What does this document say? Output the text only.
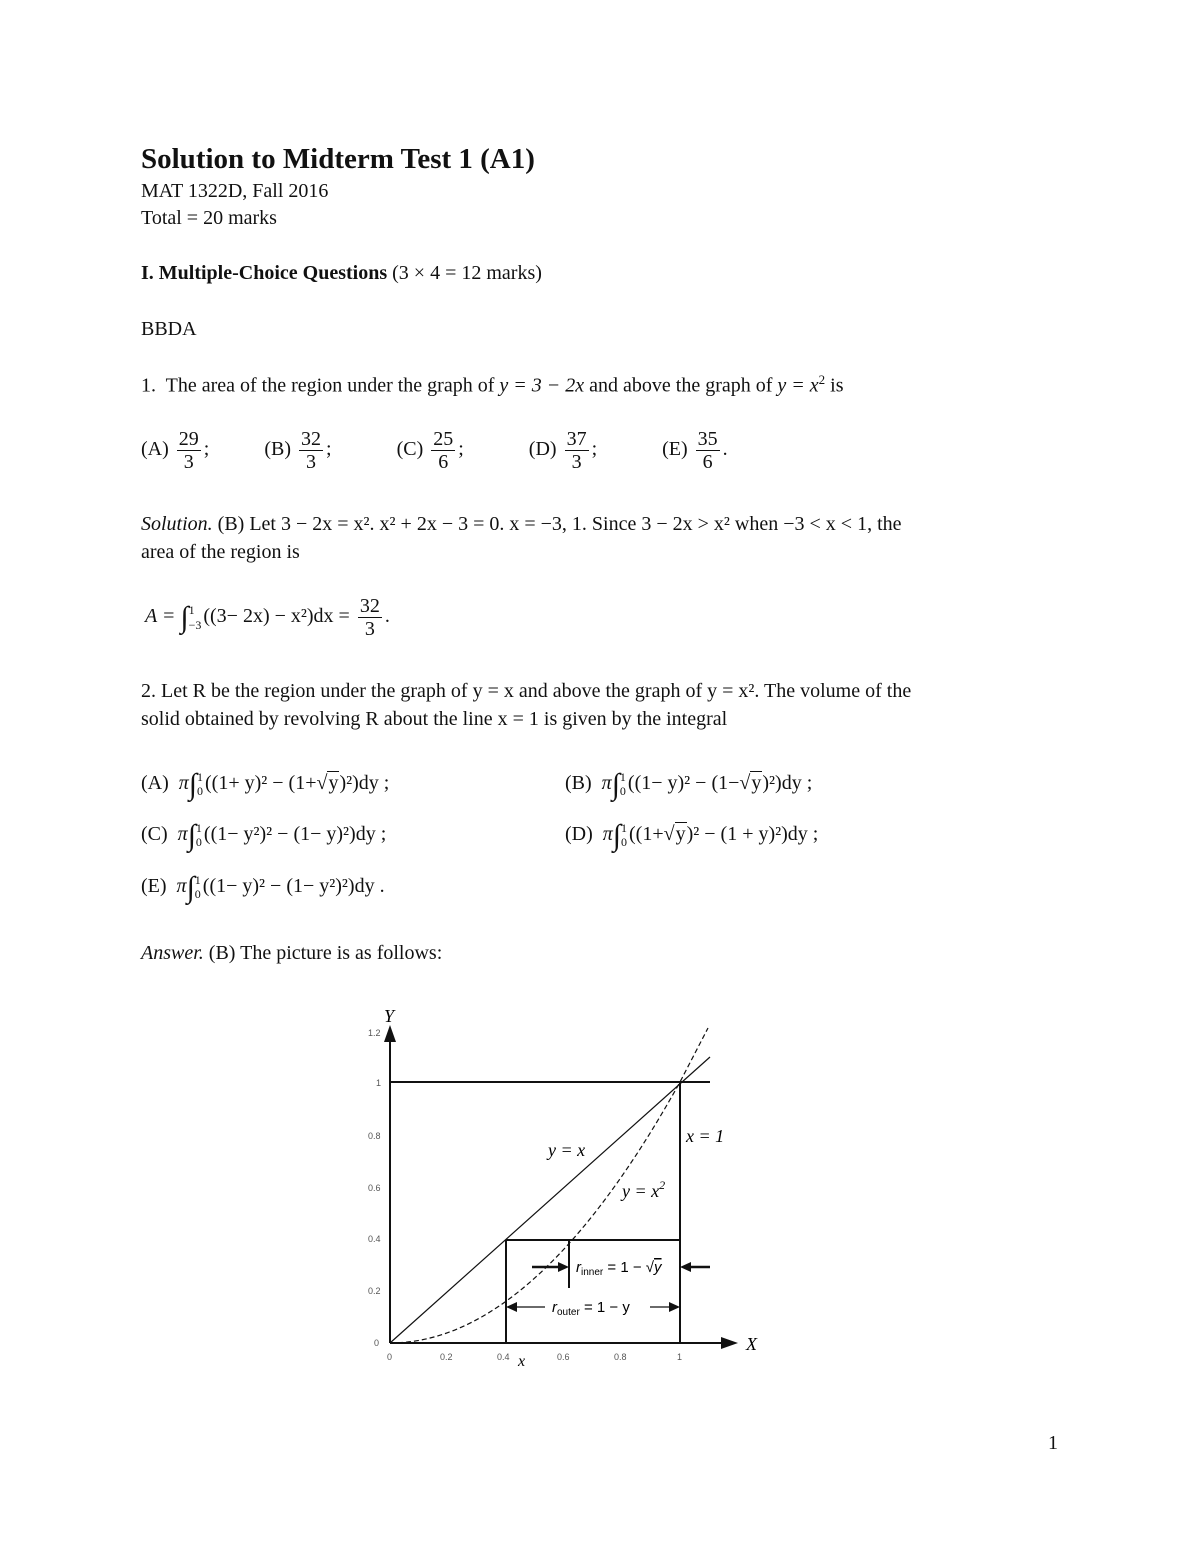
Solution to Midterm Test 1 (A1)
MAT 1322D, Fall 2016
Total = 20 marks
I. Multiple-Choice Questions (3 × 4 = 12 marks)
BBDA
1. The area of the region under the graph of y = 3 − 2x and above the graph of $y = x^2$ is
$(A) \frac{29}{3}$ ;	$(B) \frac{32}{3}$ ;	$(C) \frac{25}{6}$ ;	$(D) \frac{37}{3}$ ;	$(E) \frac{35}{6}$ .
Solution. (B) Let 3 − 2x = x². x² + 2x − 3 = 0. x = −3, 1. Since 3 − 2x > x² when −3 < x < 1, the
area of the region is
A = ∫ 1
−3 $((3- 2x) - x^2)dx = \frac{32}{3}$ .
2. Let R be the region under the graph of y = x and above the graph of y = x². The volume of the
solid obtained by revolving R about the line x = 1 is given by the integral
(A) π∫ 1
0 ((1+ y)² − (1+√y)²)dy ;	(B) π∫ 1
0 ((1− y)² − (1−√y)²)dy ;
(C) π∫ 1
0 ((1− y²)² − (1− y)²)dy ;	(D) π∫ 1
0 ((1+√y)² − (1 + y)²)dy ;
(E) π∫ 1
0 ((1− y)² − (1− y²)²)dy .
Answer. (B) The picture is as follows:
Y
X
y = x
$y = x^2$
x = 1
$r_{inner} = 1 - √y$
$r_{outer} = 1 - y$
x
0	0.2	0.4	0.6	0.8	1
0
0.2
0.4
0.6
0.8
1
1.2
1
